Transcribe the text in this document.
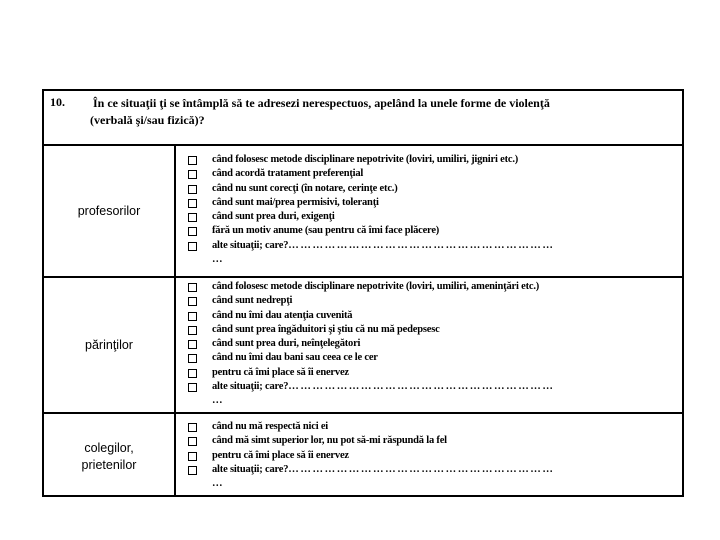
10. În ce situaţii ţi se întâmplă să te adresezi nerespectuos, apelând la unele forme de violenţă
(verbală şi/sau fizică)?
profesorilor
când folosesc metode disciplinare nepotrivite (loviri, umiliri, jigniri etc.)
când acordă tratament preferenţial
când nu sunt corecţi (în notare, cerinţe etc.)
când sunt mai/prea permisivi, toleranţi
când sunt prea duri, exigenţi
fără un motiv anume (sau pentru că îmi face plăcere)
alte situaţii; care?…………………………………………………………
…
părinţilor
când folosesc metode disciplinare nepotrivite (loviri, umiliri, ameninţări etc.)
când sunt nedrepţi
când nu îmi dau atenţia cuvenită
când sunt prea îngăduitori şi ştiu că nu mă pedepsesc
când sunt prea duri, neînţelegători
când nu îmi dau bani sau ceea ce le cer
pentru că îmi place să îi enervez
alte situaţii; care?…………………………………………………………
…
colegilor,
prietenilor
când nu mă respectă nici ei
când mă simt superior lor, nu pot să-mi răspundă la fel
pentru că îmi place să îi enervez
alte situaţii; care?…………………………………………………………
…
